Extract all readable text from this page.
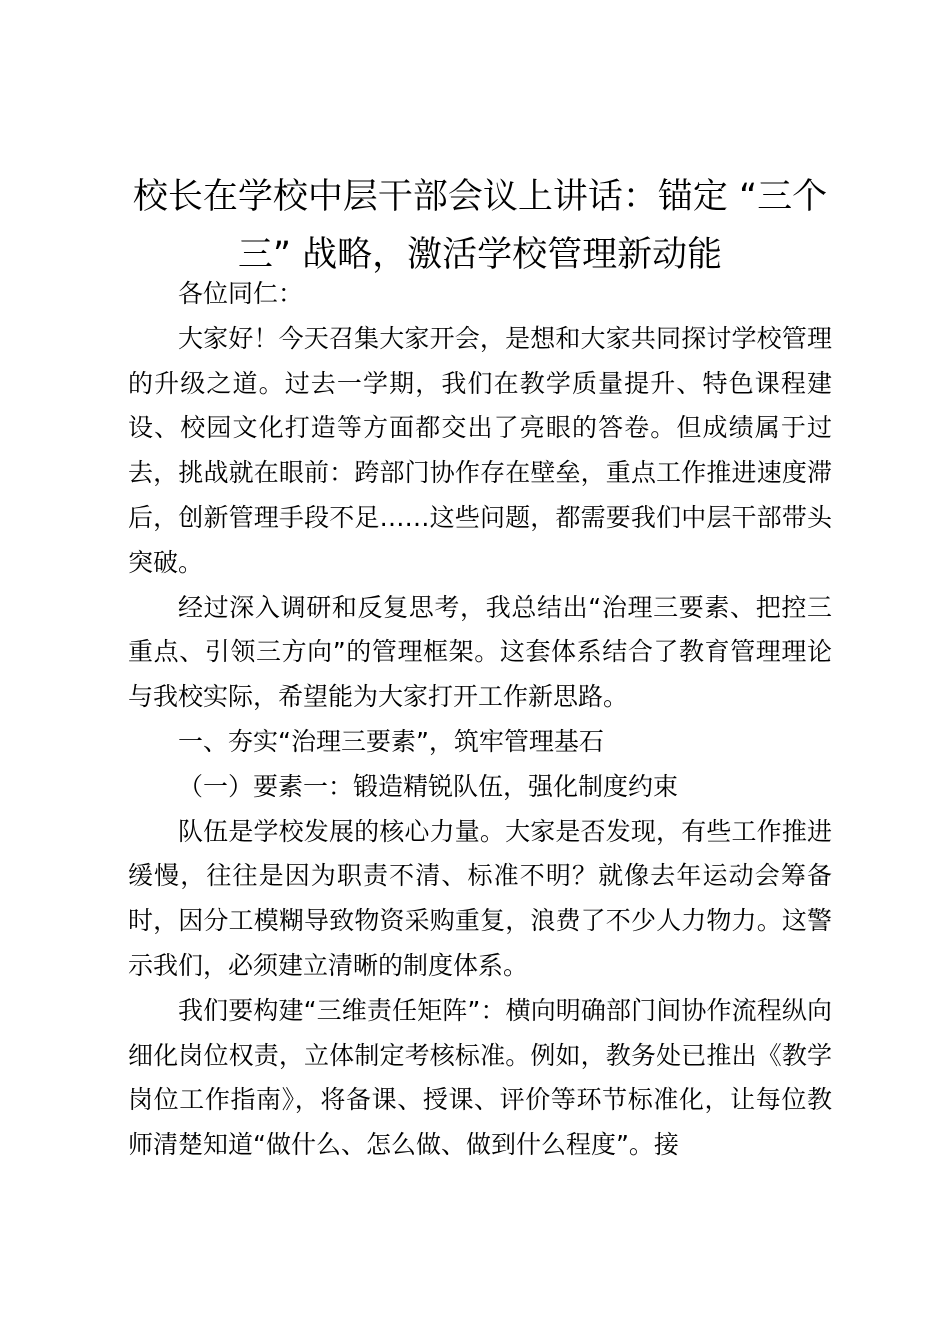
校长在学校中层干部会议上讲话：锚定 “三个三” 战略，激活学校管理新动能

各位同仁：

大家好！今天召集大家开会，是想和大家共同探讨学校管理的升级之道。过去一学期，我们在教学质量提升、特色课程建设、校园文化打造等方面都交出了亮眼的答卷。但成绩属于过去，挑战就在眼前：跨部门协作存在壁垒，重点工作推进速度滞后，创新管理手段不足……这些问题，都需要我们中层干部带头突破。

经过深入调研和反复思考，我总结出“治理三要素、把控三重点、引领三方向”的管理框架。这套体系结合了教育管理理论与我校实际，希望能为大家打开工作新思路。

一、夯实“治理三要素”，筑牢管理基石

（一）要素一：锻造精锐队伍，强化制度约束

队伍是学校发展的核心力量。大家是否发现，有些工作推进缓慢，往往是因为职责不清、标准不明？就像去年运动会筹备时，因分工模糊导致物资采购重复，浪费了不少人力物力。这警示我们，必须建立清晰的制度体系。

我们要构建“三维责任矩阵”：横向明确部门间协作流程纵向细化岗位权责，立体制定考核标准。例如，教务处已推出《教学岗位工作指南》，将备课、授课、评价等环节标准化，让每位教师清楚知道“做什么、怎么做、做到什么程度”。接
